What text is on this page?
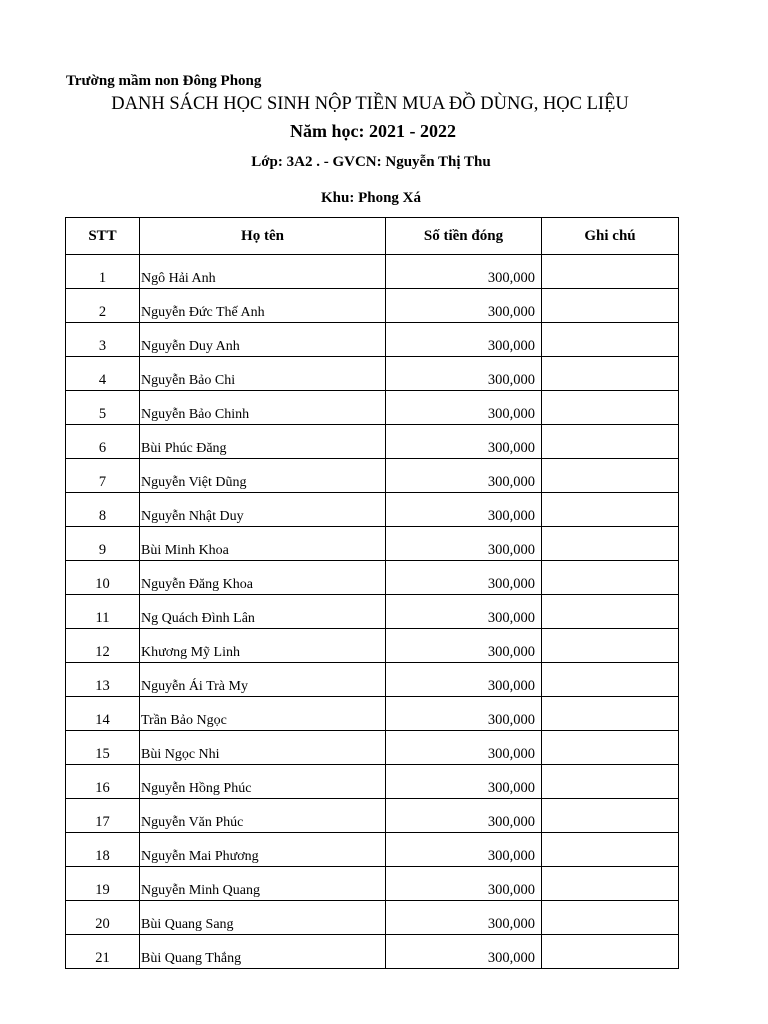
Trường mầm non Đông Phong
DANH SÁCH HỌC SINH NỘP TIỀN MUA ĐỒ DÙNG, HỌC LIỆU
Năm học: 2021 - 2022
Lớp: 3A2 . - GVCN: Nguyễn Thị Thu
Khu: Phong Xá
STT	Họ tên	Số tiền đóng	Ghi chú
1	Ngô Hải Anh	300,000	
2	Nguyễn Đức Thế Anh	300,000	
3	Nguyễn Duy Anh	300,000	
4	Nguyễn Bảo Chi	300,000	
5	Nguyễn Bảo Chinh	300,000	
6	Bùi Phúc Đăng	300,000	
7	Nguyễn Việt Dũng	300,000	
8	Nguyễn Nhật Duy	300,000	
9	Bùi Minh Khoa	300,000	
10	Nguyễn Đăng Khoa	300,000	
11	Ng Quách Đình Lân	300,000	
12	Khương Mỹ Linh	300,000	
13	Nguyễn Ái Trà My	300,000	
14	Trần Bảo Ngọc	300,000	
15	Bùi Ngọc Nhi	300,000	
16	Nguyễn Hồng Phúc	300,000	
17	Nguyễn Văn Phúc	300,000	
18	Nguyễn Mai Phương	300,000	
19	Nguyễn Minh Quang	300,000	
20	Bùi Quang Sang	300,000	
21	Bùi Quang Thắng	300,000	
